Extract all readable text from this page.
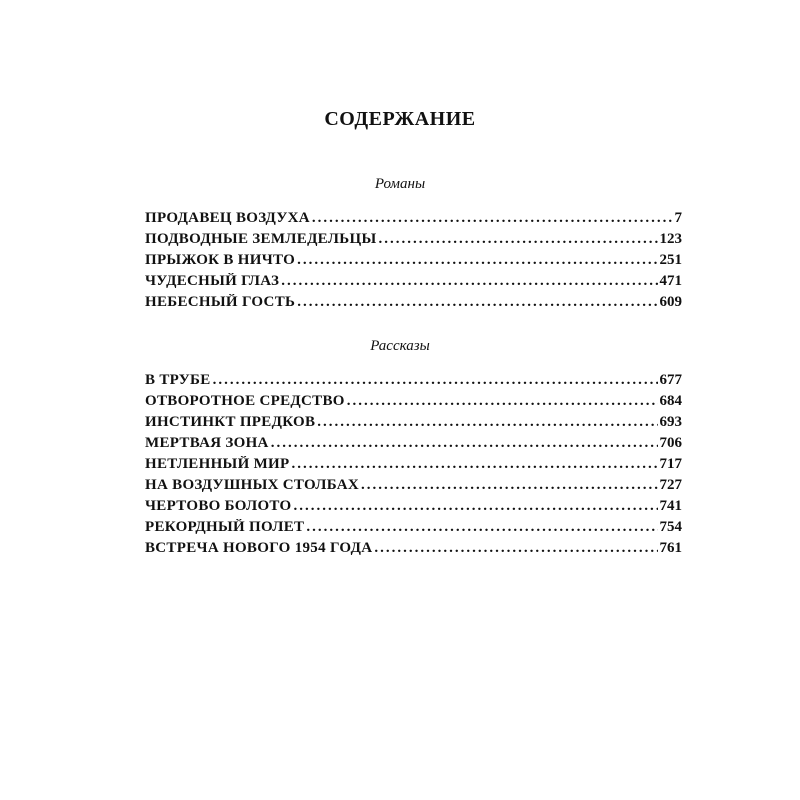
СОДЕРЖАНИЕ
Романы
ПРОДАВЕЦ ВОЗДУХА .....	7
ПОДВОДНЫЕ ЗЕМЛЕДЕЛЬЦЫ .....	123
ПРЫЖОК В НИЧТО .....	251
ЧУДЕСНЫЙ ГЛАЗ .....	471
НЕБЕСНЫЙ ГОСТЬ .....	609
Рассказы
В ТРУБЕ .....	677
ОТВОРОТНОЕ СРЕДСТВО .....	684
ИНСТИНКТ ПРЕДКОВ .....	693
МЕРТВАЯ ЗОНА .....	706
НЕТЛЕННЫЙ МИР .....	717
НА ВОЗДУШНЫХ СТОЛБАХ .....	727
ЧЕРТОВО БОЛОТО .....	741
РЕКОРДНЫЙ ПОЛЕТ .....	754
ВСТРЕЧА НОВОГО 1954 ГОДА .....	761
